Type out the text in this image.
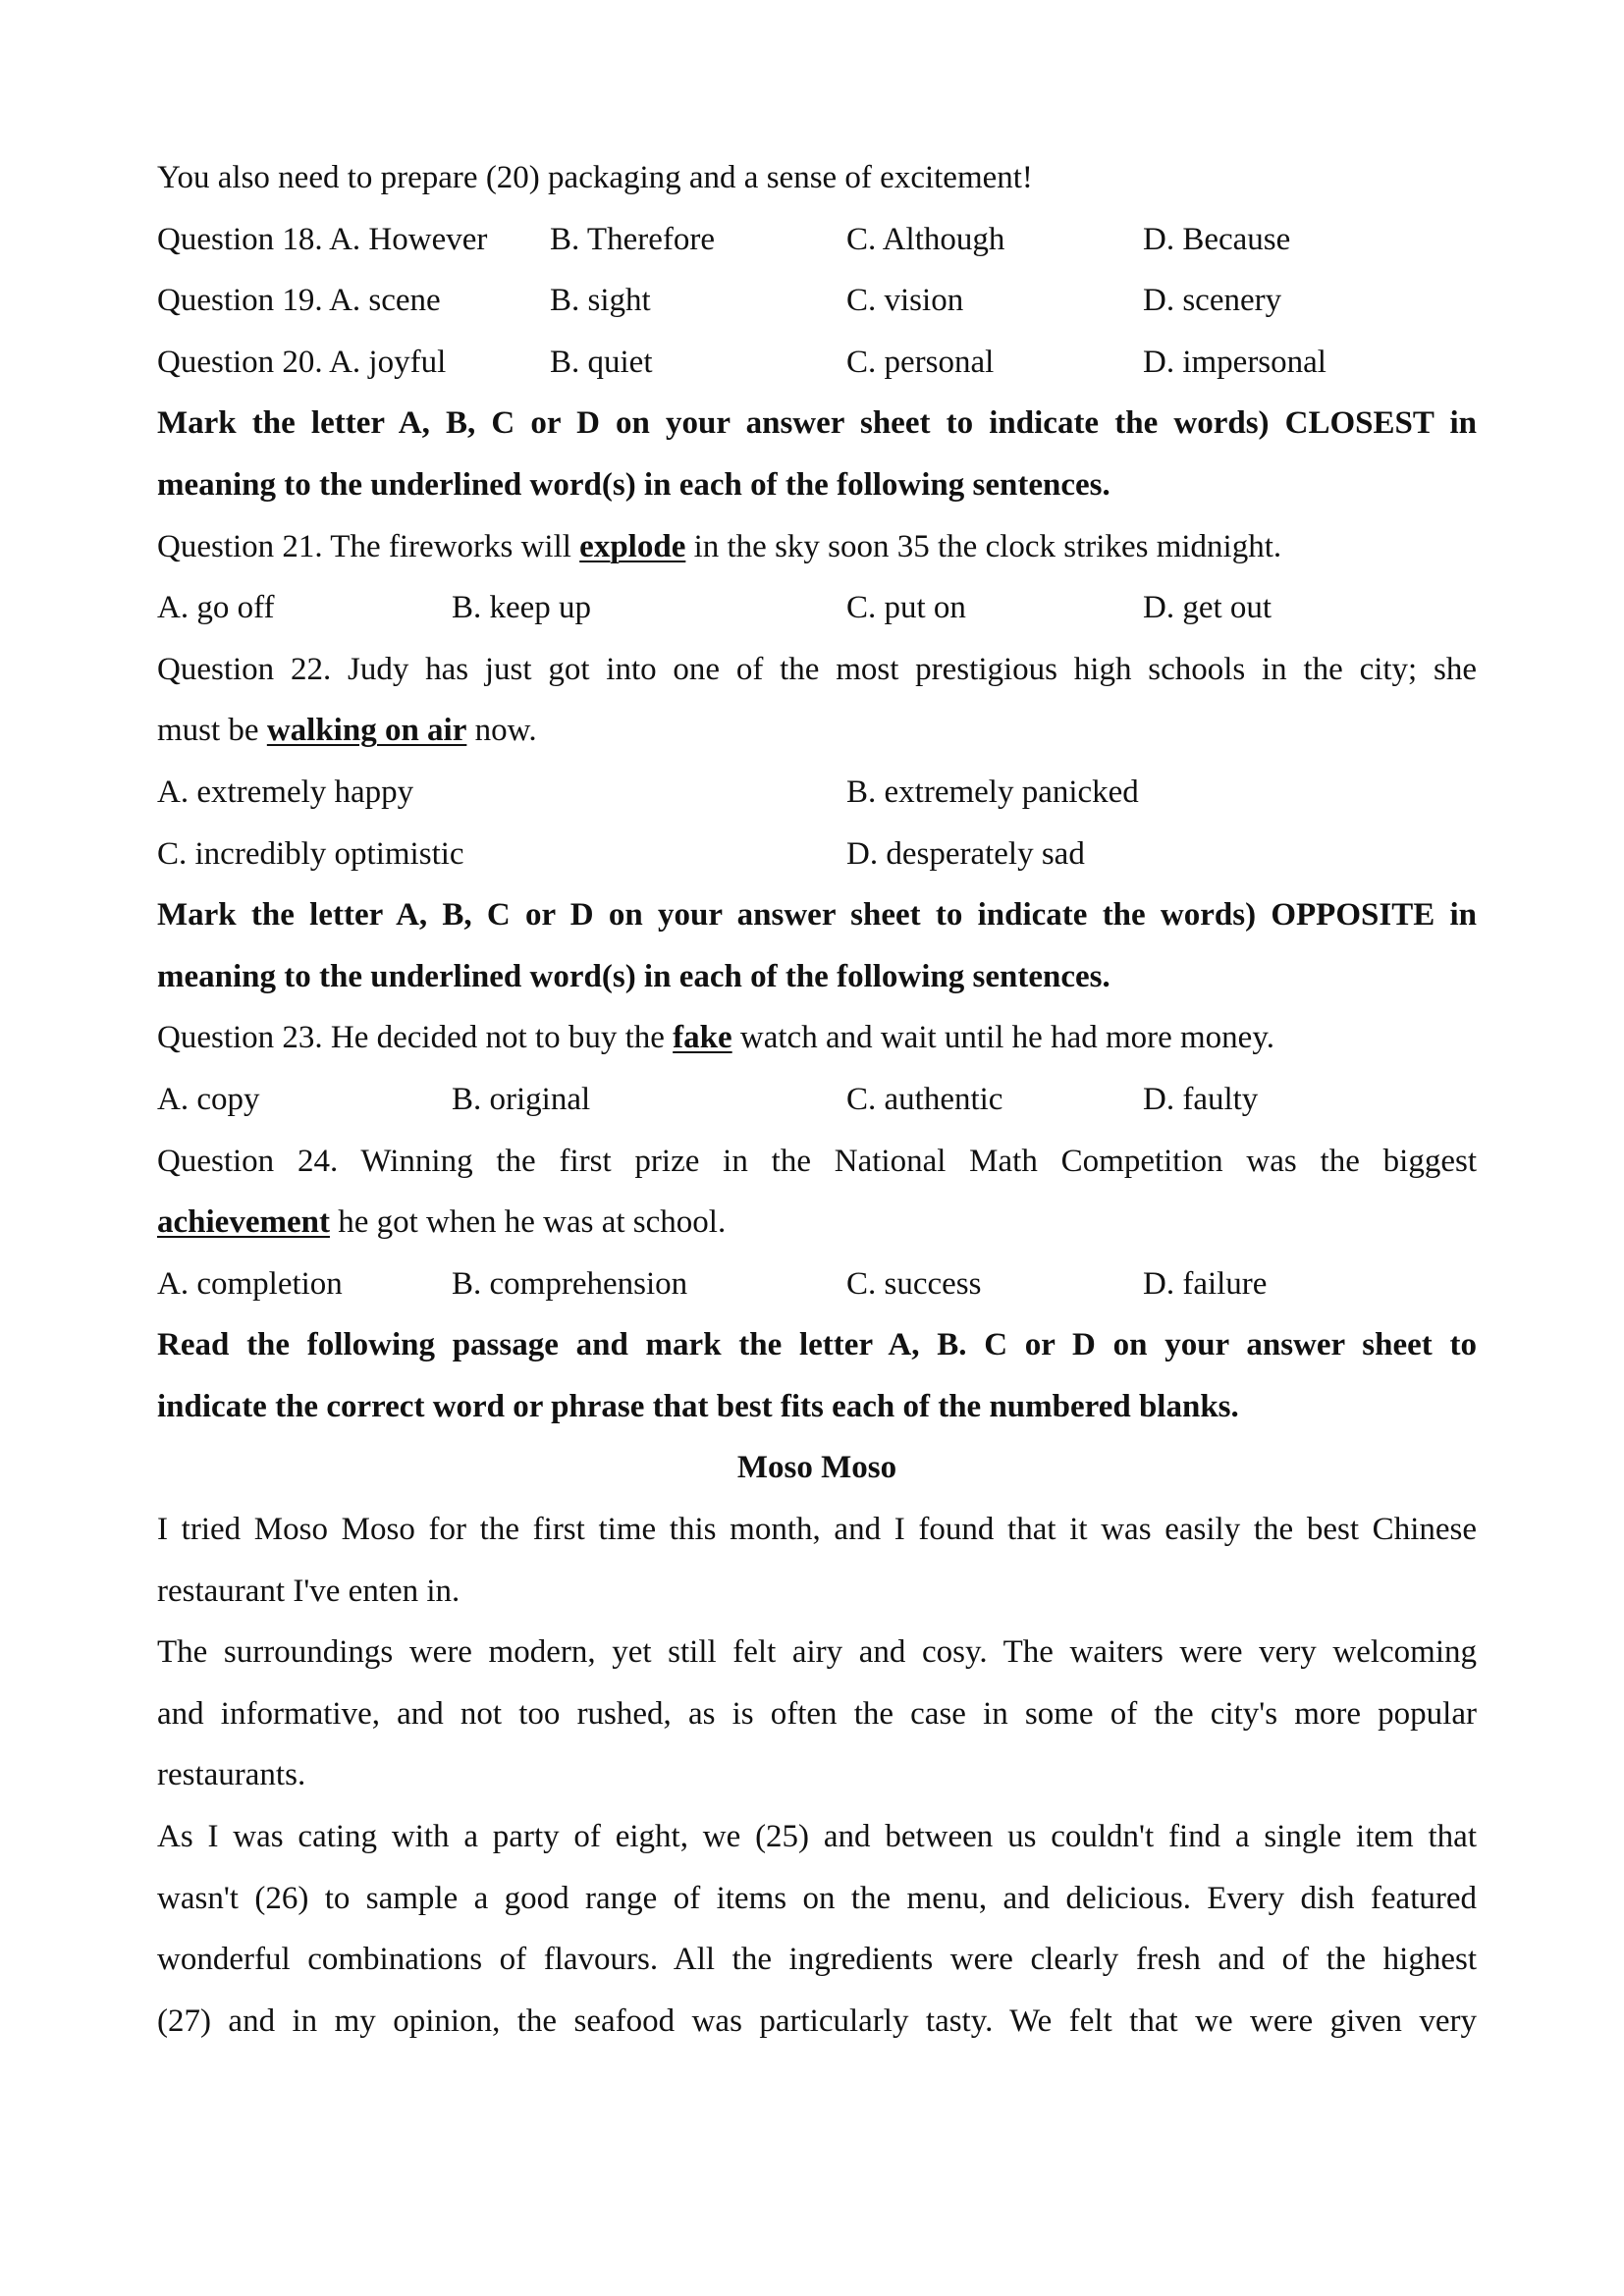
You also need to prepare (20) packaging and a sense of excitement!
Question 18. A. However B. Therefore	C. Although	D. Because
Question 19. A. scene	B. sight	C. vision	D. scenery
Question 20. A. joyful	B. quiet	C. personal	D. impersonal
Mark the letter A, B, C or D on your answer sheet to indicate the words) CLOSEST in
meaning to the underlined word(s) in each of the following sentences.
Question 21. The fireworks will explode in the sky soon 35 the clock strikes midnight.
A. go off	B. keep up	C. put on	D. get out
Question 22. Judy has just got into one of the most prestigious high schools in the city; she
must be walking on air now.
A. extremely happy	B. extremely panicked
C. incredibly optimistic	D. desperately sad
Mark the letter A, B, C or D on your answer sheet to indicate the words) OPPOSITE in
meaning to the underlined word(s) in each of the following sentences.
Question 23. He decided not to buy the fake watch and wait until he had more money.
A. copy	B. original	C. authentic	D. faulty
Question 24. Winning the first prize in the National Math Competition was the biggest
achievement he got when he was at school.
A. completion	B. comprehension	C. success	D. failure
Read the following passage and mark the letter A, B. C or D on your answer sheet to
indicate the correct word or phrase that best fits each of the numbered blanks.
Moso Moso
I tried Moso Moso for the first time this month, and I found that it was easily the best Chinese
restaurant I've enten in.
The surroundings were modern, yet still felt airy and cosy. The waiters were very welcoming
and informative, and not too rushed, as is often the case in some of the city's more popular
restaurants.
As I was cating with a party of eight, we (25) and between us couldn't find a single item that
wasn't (26) to sample a good range of items on the menu, and delicious. Every dish featured
wonderful combinations of flavours. All the ingredients were clearly fresh and of the highest
(27) and in my opinion, the seafood was particularly tasty. We felt that we were given very
